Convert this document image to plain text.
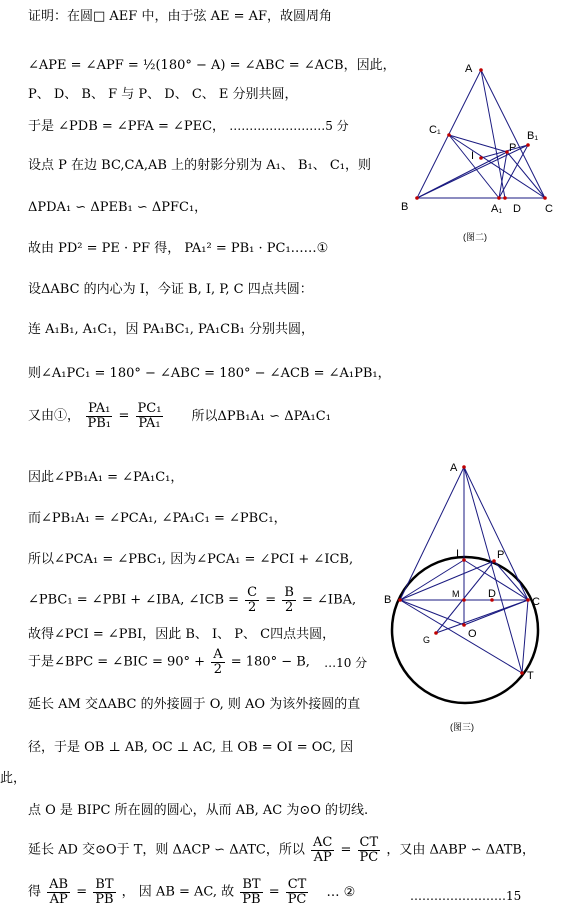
证明：在圆□ AEF 中，由于弦 AE = AF，故圆周角
∠APE = ∠APF = ½(180° − A) = ∠ABC = ∠ACB，因此，
P、 D、 B、 F 与 P、 D、 C、 E 分别共圆，
于是 ∠PDB = ∠PFA = ∠PEC， ……………………5 分
设点 P 在边 BC,CA,AB 上的射影分别为 A₁、 B₁、 C₁，则
ΔPDA₁ ∽ ΔPEB₁ ∽ ΔPFC₁，
故由 PD² = PE · PF 得， PA₁² = PB₁ · PC₁……①
设ΔABC 的内心为 I，今证 B, I, P, C 四点共圆：
连 A₁B₁, A₁C₁，因 PA₁BC₁, PA₁CB₁ 分别共圆，
则∠A₁PC₁ = 180° − ∠ABC = 180° − ∠ACB = ∠A₁PB₁，
又由①， $\frac{\text{PA₁}}{\text{PB₁}} = \frac{\text{PC₁}}{\text{PA₁}}$ 所以ΔPB₁A₁ ∽ ΔPA₁C₁
因此∠PB₁A₁ = ∠PA₁C₁，
而∠PB₁A₁ = ∠PCA₁, ∠PA₁C₁ = ∠PBC₁，
所以∠PCA₁ = ∠PBC₁, 因为∠PCA₁ = ∠PCI + ∠ICB,
∠PBC₁ = ∠PBI + ∠IBA, ∠ICB = $\frac{C}{2} = \frac{B}{2}$ = ∠IBA,
故得∠PCI = ∠PBI，因此 B、 I、 P、 C四点共圆，
于是∠BPC = ∠BIC = $90^\circ + \frac{A}{2} = 180^\circ - B$, …10 分
延长 AM 交ΔABC 的外接圆于 O, 则 AO 为该外接圆的直
径，于是 OB ⊥ AB, OC ⊥ AC, 且 OB = OI = OC, 因
此，
点 O 是 BIPC 所在圆的圆心，从而 AB, AC 为⊙O 的切线.
延长 AD 交⊙O于 T，则 ΔACP ∽ ΔATC，所以 $\frac{AC}{AP} = \frac{CT}{PC}$ ，又由 ΔABP ∽ ΔATB，
得 $\frac{AB}{AP} = \frac{BT}{PB}$ ， 因 AB = AC, 故 $\frac{BT}{PB} = \frac{CT}{PC}$ … ②	……………………15
A
B	C
C₁	B₁
P
I
A₁ D
(图二)
A
B	C
I	P
M	D
O
G
T
(图三)
